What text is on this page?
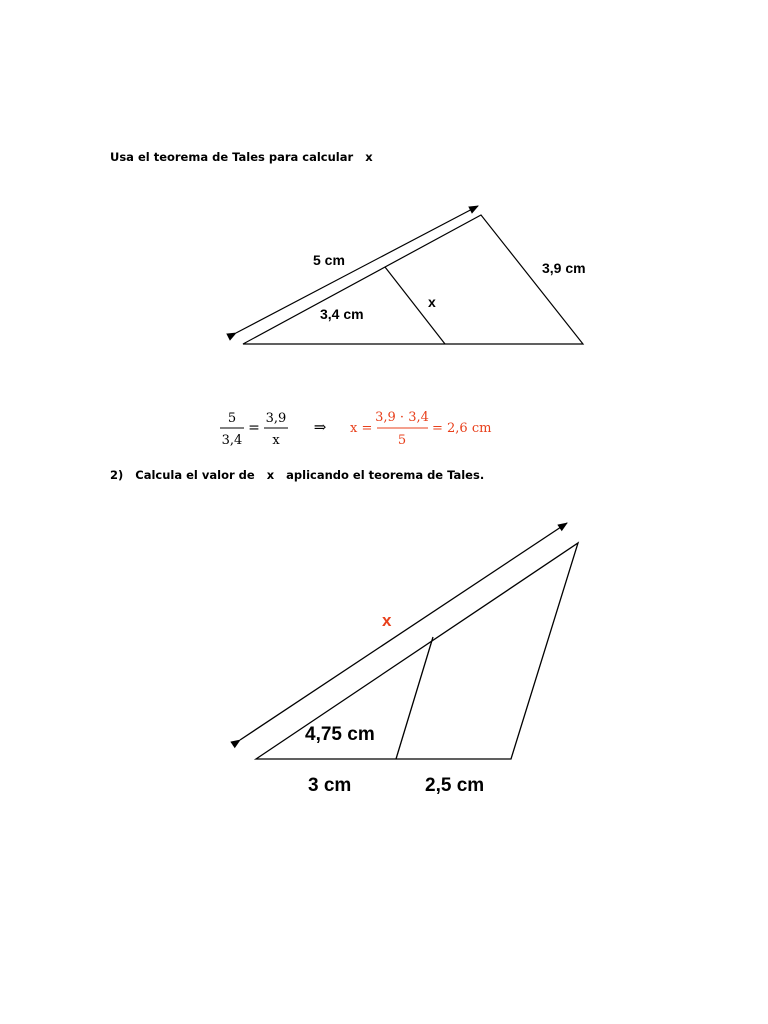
Usa el teorema de Tales para calcular x
2) Calcula el valor de x aplicando el teorema de Tales.
5 cm	3,9 cm
3,4 cm
x
5
3,4
=
3,9
x
⇒ x =
3,9 · 3,4
5
= 2,6 cm
x
4,75 cm
3 cm	2,5 cm
